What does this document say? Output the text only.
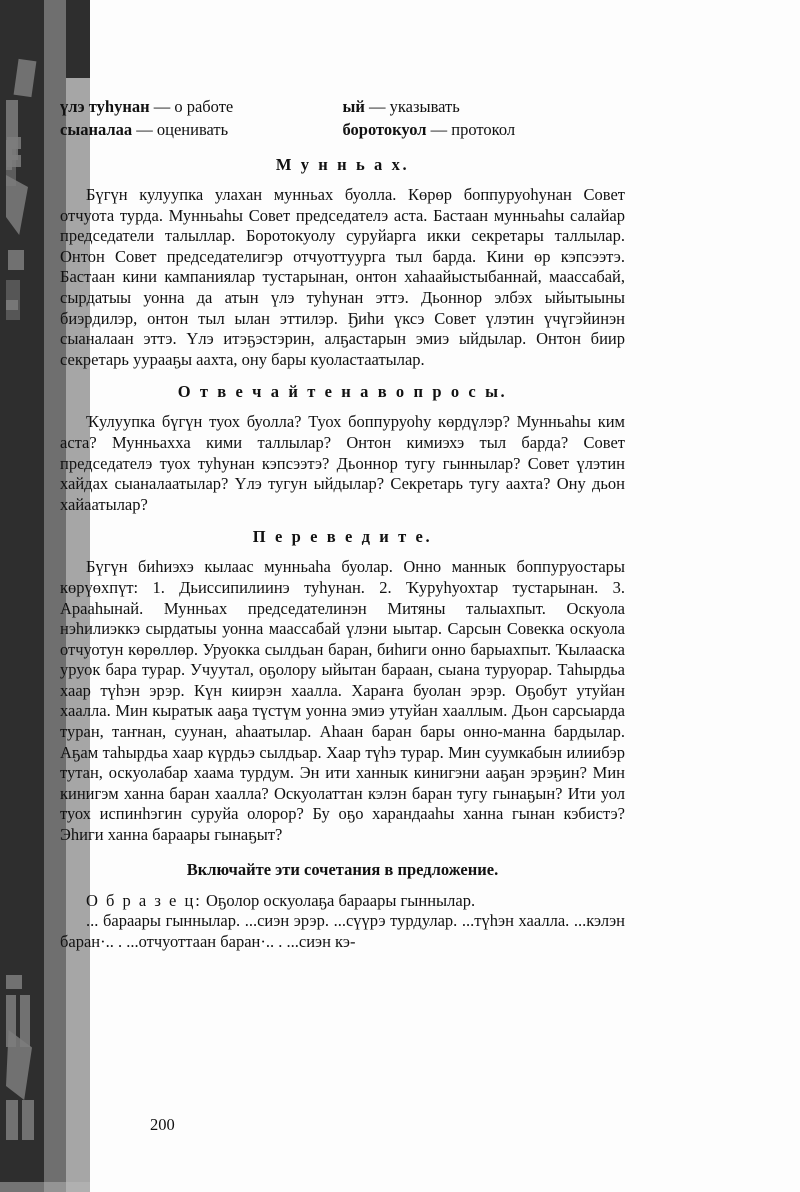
үлэ туһунан — о работе
сыаналаа — оценивать
ый — указывать
боротокуол — протокол
М у н н ь а х.

Бүгүн кулуупка улахан мунньах буолла. Көрөр боппуруоһунан Совет отчуота турда. Мунньаһы Совет председателэ аста. Бастаан мунньаһы салайар председатели талыллар. Боротокуолу суруйарга икки секретары таллылар. Онтон Совет председателигэр отчуоттуурга тыл барда. Кини өр кэпсээтэ. Бастаан кини кампаниялар тустарынан, онтон хаһаайыстыбаннай, маассабай, сырдатыы уонна да атын үлэ туһунан эттэ. Дьоннор элбэх ыйытыыны биэрдилэр, онтон тыл ылан эттилэр. Ҕиһи үксэ Совет үлэтин үчүгэйинэн сыаналаан эттэ. Үлэ итэҕэстэрин, алҕастарын эмиэ ыйдылар. Онтон биир секретарь уурааҕы аахта, ону бары куоластаатылар.

О т в е ч а й т е н а в о п р о с ы.

Ҡулуупка бүгүн туох буолла? Туох боппуруоһу көрдүлэр? Мунньаһы ким аста? Мунньахха кими таллылар? Онтон кимиэхэ тыл барда? Совет председателэ туох туһунан кэпсээтэ? Дьоннор тугу гыннылар? Совет үлэтин хайдах сыаналаатылар? Үлэ тугун ыйдылар? Секретарь тугу аахта? Ону дьон хайаатылар?

П е р е в е д и т е.

Бүгүн биһиэхэ кылаас мунньаһа буолар. Онно маннык боппуруостары көрүөхпүт: 1. Дьиссипилиинэ туһунан. 2. Ҡуруһуохтар тустарынан. 3. Арааһынай. Мунньах председателинэн Митяны талыахпыт. Оскуола нэһилиэккэ сырдатыы уонна маассабай үлэни ыытар. Сарсын Совекка оскуола отчуотун көрөллөр. Уруокка сылдьан баран, биһиги онно барыахпыт. Ҡылааска уруок бара турар. Учуутал, оҕолору ыйытан бараан, сыана туруорар. Таһырдьа хаар түһэн эрэр. Күн киирэн хаалла. Хараҥа буолан эрэр. Оҕобут утуйан хаалла. Мин кыратык ааҕа түстүм уонна эмиэ утуйан хааллым. Дьон сарсыарда туран, таҥнан, суунан, аһаатылар. Аһаан баран бары онно-манна бардылар. Аҕам таһырдьа хаар күрдьэ сылдьар. Хаар түһэ турар. Мин суумкабын илиибэр тутан, оскуолабар хаама турдум. Эн ити ханнык кинигэни ааҕан эрэҕин? Мин кинигэм ханна баран хаалла? Оскуолаттан кэлэн баран тугу гынаҕын? Ити уол туох испинһэгин суруйа олорор? Бу оҕо харандааһы ханна гынан кэбистэ? Эһиги ханна бараары гынаҕыт?

Включайте эти сочетания в предложение.

О б р а з е ц: Оҕолор оскуолаҕа бараары гыннылар.

... бараары гыннылар. ...сиэн эрэр. ...сүүрэ турдулар. ...түһэн хаалла. ...кэлэн баран·.. . ...отчуоттаан баран·.. . ...сиэн кэ-

200
